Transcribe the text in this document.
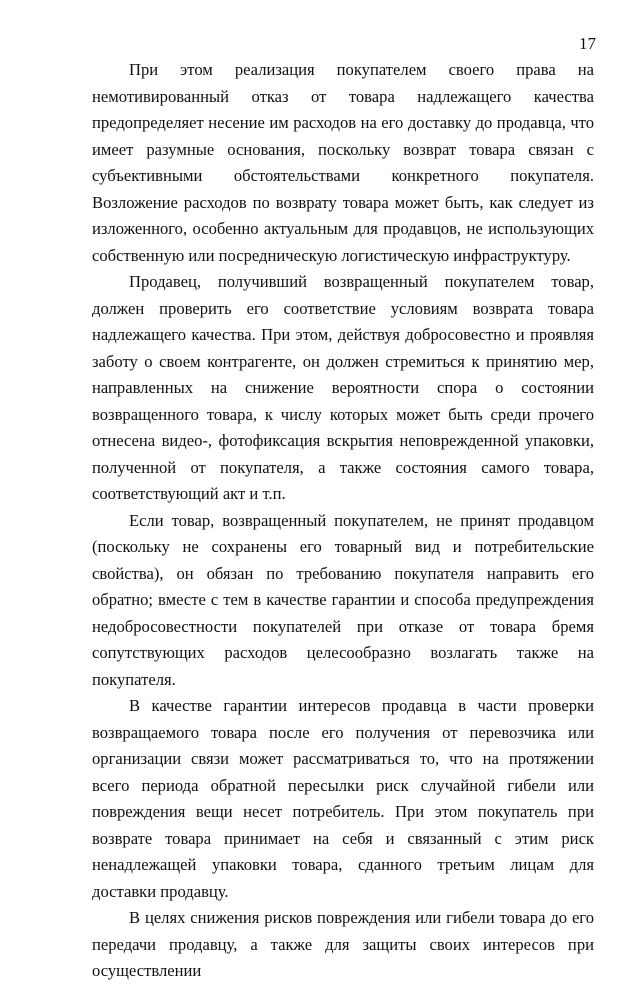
17

При этом реализация покупателем своего права на немотивированный отказ от товара надлежащего качества предопределяет несение им расходов на его доставку до продавца, что имеет разумные основания, поскольку возврат товара связан с субъективными обстоятельствами конкретного покупателя. Возложение расходов по возврату товара может быть, как следует из изложенного, особенно актуальным для продавцов, не использующих собственную или посредническую логистическую инфраструктуру.

Продавец, получивший возвращенный покупателем товар, должен проверить его соответствие условиям возврата товара надлежащего качества. При этом, действуя добросовестно и проявляя заботу о своем контрагенте, он должен стремиться к принятию мер, направленных на снижение вероятности спора о состоянии возвращенного товара, к числу которых может быть среди прочего отнесена видео-, фотофиксация вскрытия неповрежденной упаковки, полученной от покупателя, а также состояния самого товара, соответствующий акт и т.п.

Если товар, возвращенный покупателем, не принят продавцом (поскольку не сохранены его товарный вид и потребительские свойства), он обязан по требованию покупателя направить его обратно; вместе с тем в качестве гарантии и способа предупреждения недобросовестности покупателей при отказе от товара бремя сопутствующих расходов целесообразно возлагать также на покупателя.

В качестве гарантии интересов продавца в части проверки возвращаемого товара после его получения от перевозчика или организации связи может рассматриваться то, что на протяжении всего периода обратной пересылки риск случайной гибели или повреждения вещи несет потребитель. При этом покупатель при возврате товара принимает на себя и связанный с этим риск ненадлежащей упаковки товара, сданного третьим лицам для доставки продавцу.

В целях снижения рисков повреждения или гибели товара до его передачи продавцу, а также для защиты своих интересов при осуществлении
